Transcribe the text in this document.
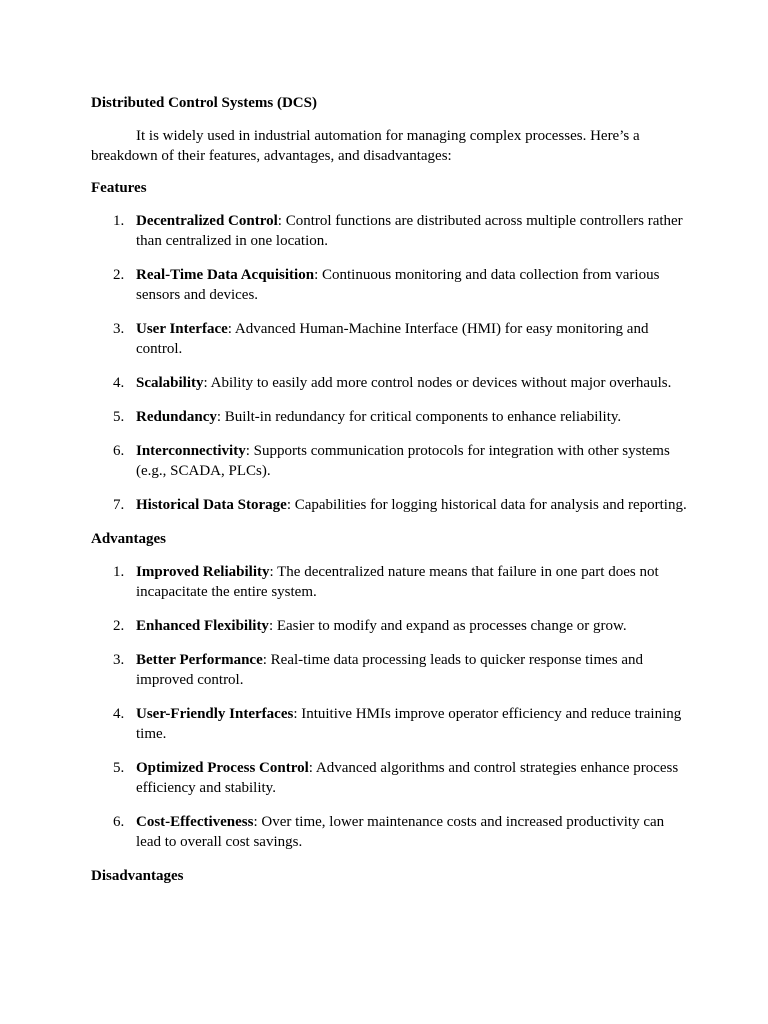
Distributed Control Systems (DCS)

It is widely used in industrial automation for managing complex processes. Here’s a breakdown of their features, advantages, and disadvantages:

Features

1. Decentralized Control: Control functions are distributed across multiple controllers rather than centralized in one location.
2. Real-Time Data Acquisition: Continuous monitoring and data collection from various sensors and devices.
3. User Interface: Advanced Human-Machine Interface (HMI) for easy monitoring and control.
4. Scalability: Ability to easily add more control nodes or devices without major overhauls.
5. Redundancy: Built-in redundancy for critical components to enhance reliability.
6. Interconnectivity: Supports communication protocols for integration with other systems (e.g., SCADA, PLCs).
7. Historical Data Storage: Capabilities for logging historical data for analysis and reporting.

Advantages

1. Improved Reliability: The decentralized nature means that failure in one part does not incapacitate the entire system.
2. Enhanced Flexibility: Easier to modify and expand as processes change or grow.
3. Better Performance: Real-time data processing leads to quicker response times and improved control.
4. User-Friendly Interfaces: Intuitive HMIs improve operator efficiency and reduce training time.
5. Optimized Process Control: Advanced algorithms and control strategies enhance process efficiency and stability.
6. Cost-Effectiveness: Over time, lower maintenance costs and increased productivity can lead to overall cost savings.

Disadvantages
